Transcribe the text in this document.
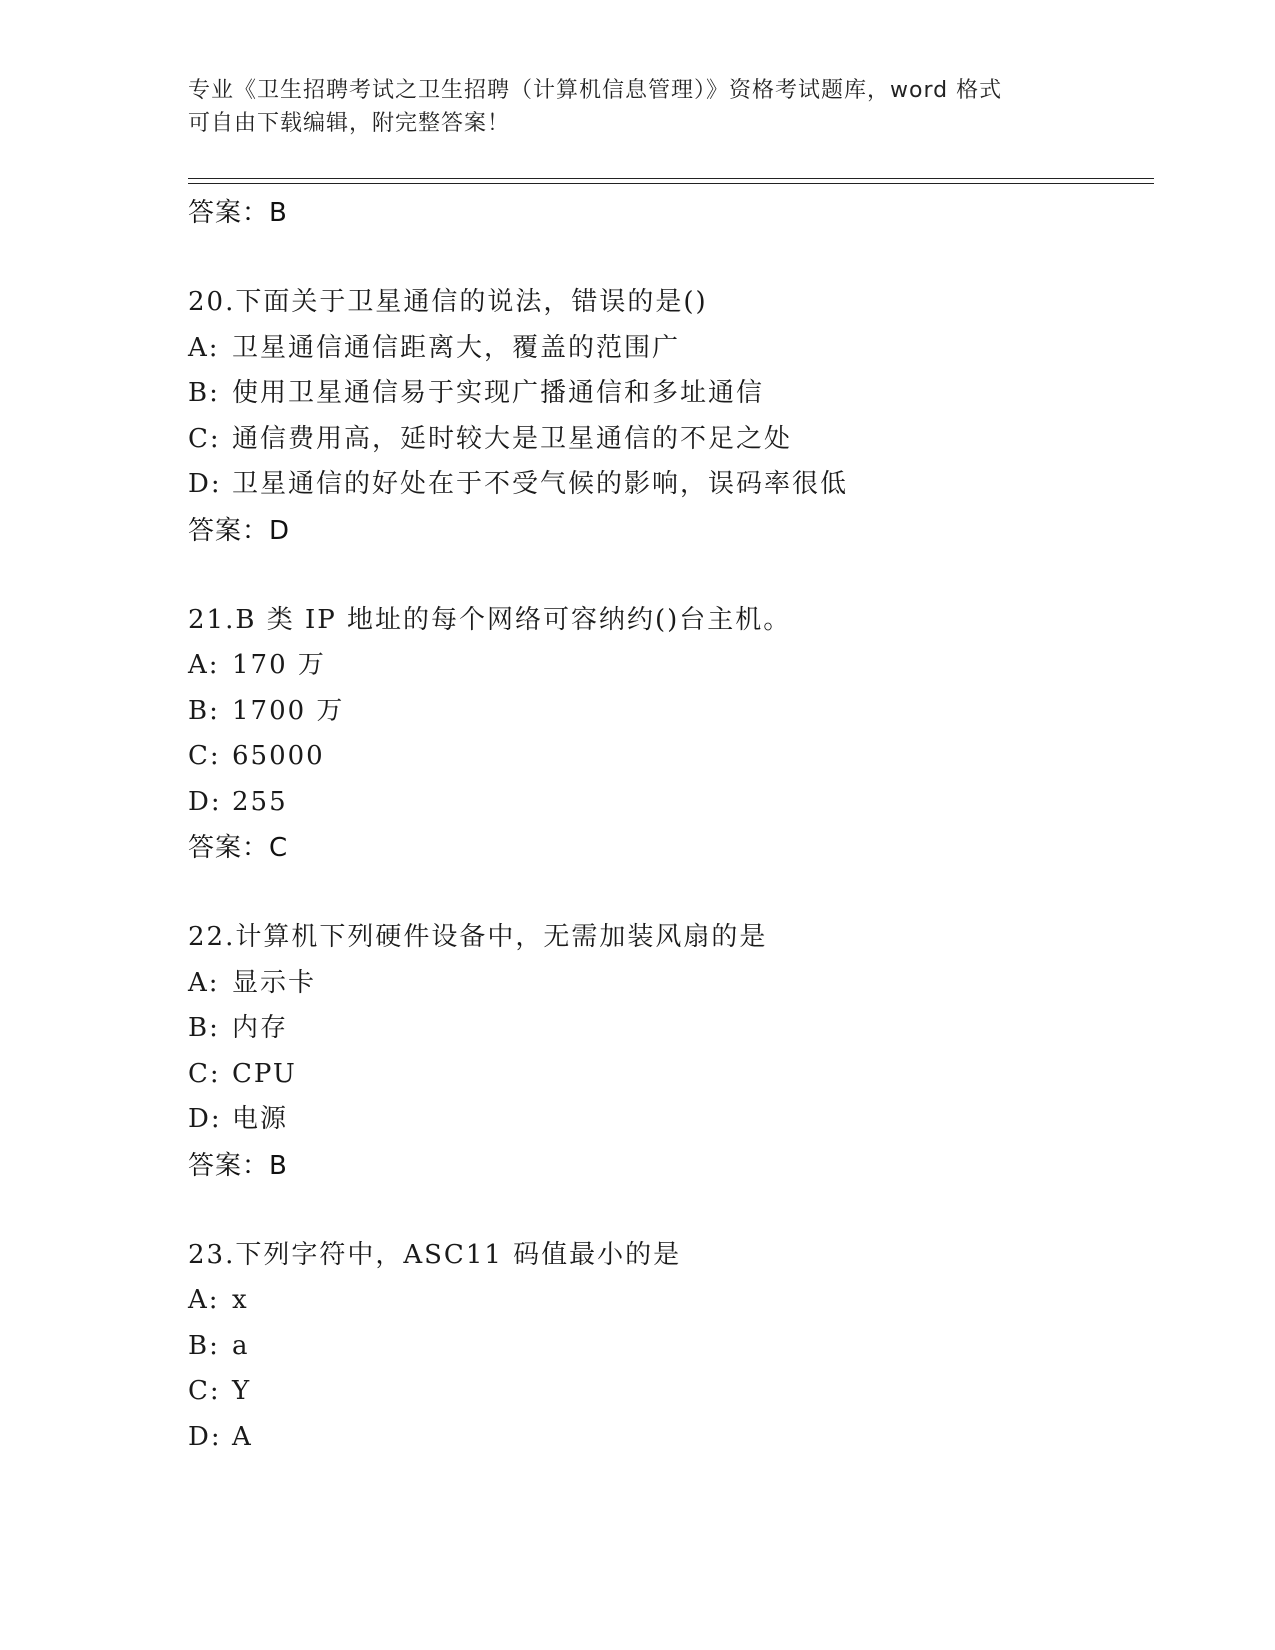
专业《卫生招聘考试之卫生招聘（计算机信息管理）》资格考试题库，word 格式
可自由下载编辑，附完整答案！
答案：B
20.下面关于卫星通信的说法，错误的是()
A: 卫星通信通信距离大，覆盖的范围广
B: 使用卫星通信易于实现广播通信和多址通信
C: 通信费用高，延时较大是卫星通信的不足之处
D: 卫星通信的好处在于不受气候的影响，误码率很低
答案：D
21.B 类 IP 地址的每个网络可容纳约()台主机。
A: 170 万
B: 1700 万
C: 65000
D: 255
答案：C
22.计算机下列硬件设备中，无需加装风扇的是
A: 显示卡
B: 内存
C: CPU
D: 电源
答案：B
23.下列字符中，ASC11 码值最小的是
A: x
B: a
C: Y
D: A
